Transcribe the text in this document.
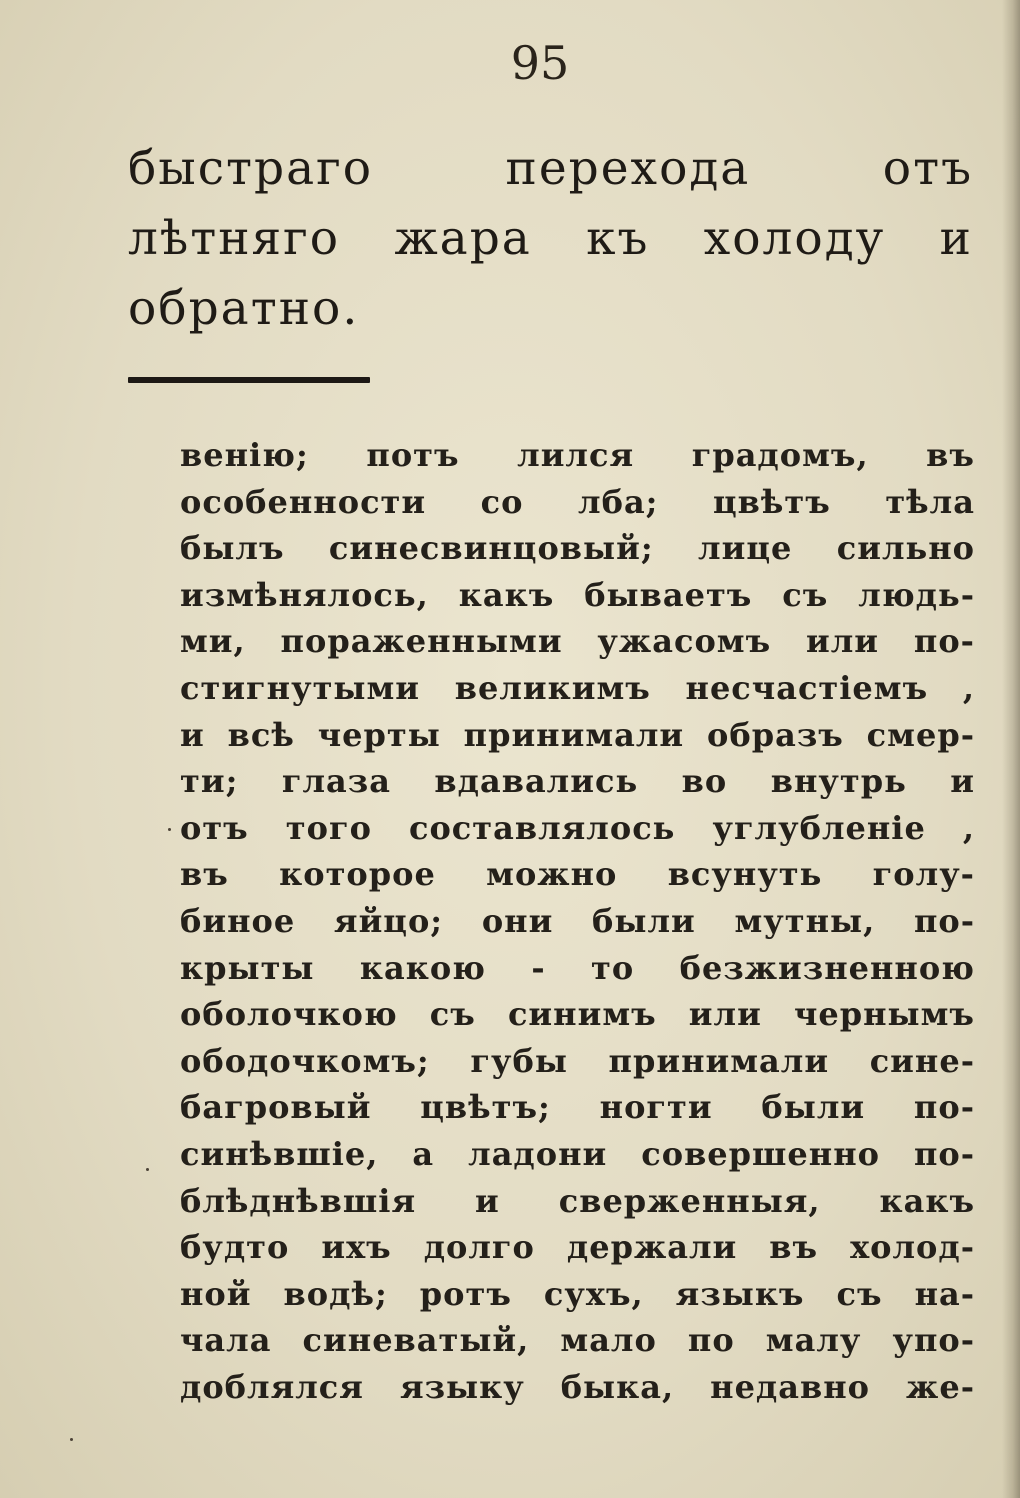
95
быстраго	перехода	отъ
лѣтняго жара къ холоду и
обратно.
венію; потъ лился градомъ, въ
особенности со лба; цвѣтъ тѣла
былъ синесвинцовый; лице сильно
измѣнялось, какъ бываетъ съ людь-
ми, пораженными ужасомъ или по-
стигнутыми великимъ несчастіемъ ,
и всѣ черты принимали образъ смер-
ти; глаза вдавались во внутрь и
отъ того составлялось углубленіе ,
въ которое можно всунуть голу-
биное яйцо; они были мутны, по-
крыты какою - то безжизненною
оболочкою съ синимъ или чернымъ
ободочкомъ; губы принимали сине-
багровый цвѣтъ; ногти были по-
синѣвшіе, а ладони совершенно по-
блѣднѣвшія и сверженныя, какъ
будто ихъ долго держали въ холод-
ной водѣ; ротъ сухъ, языкъ съ на-
чала синеватый, мало по малу упо-
доблялся языку быка, недавно же-
